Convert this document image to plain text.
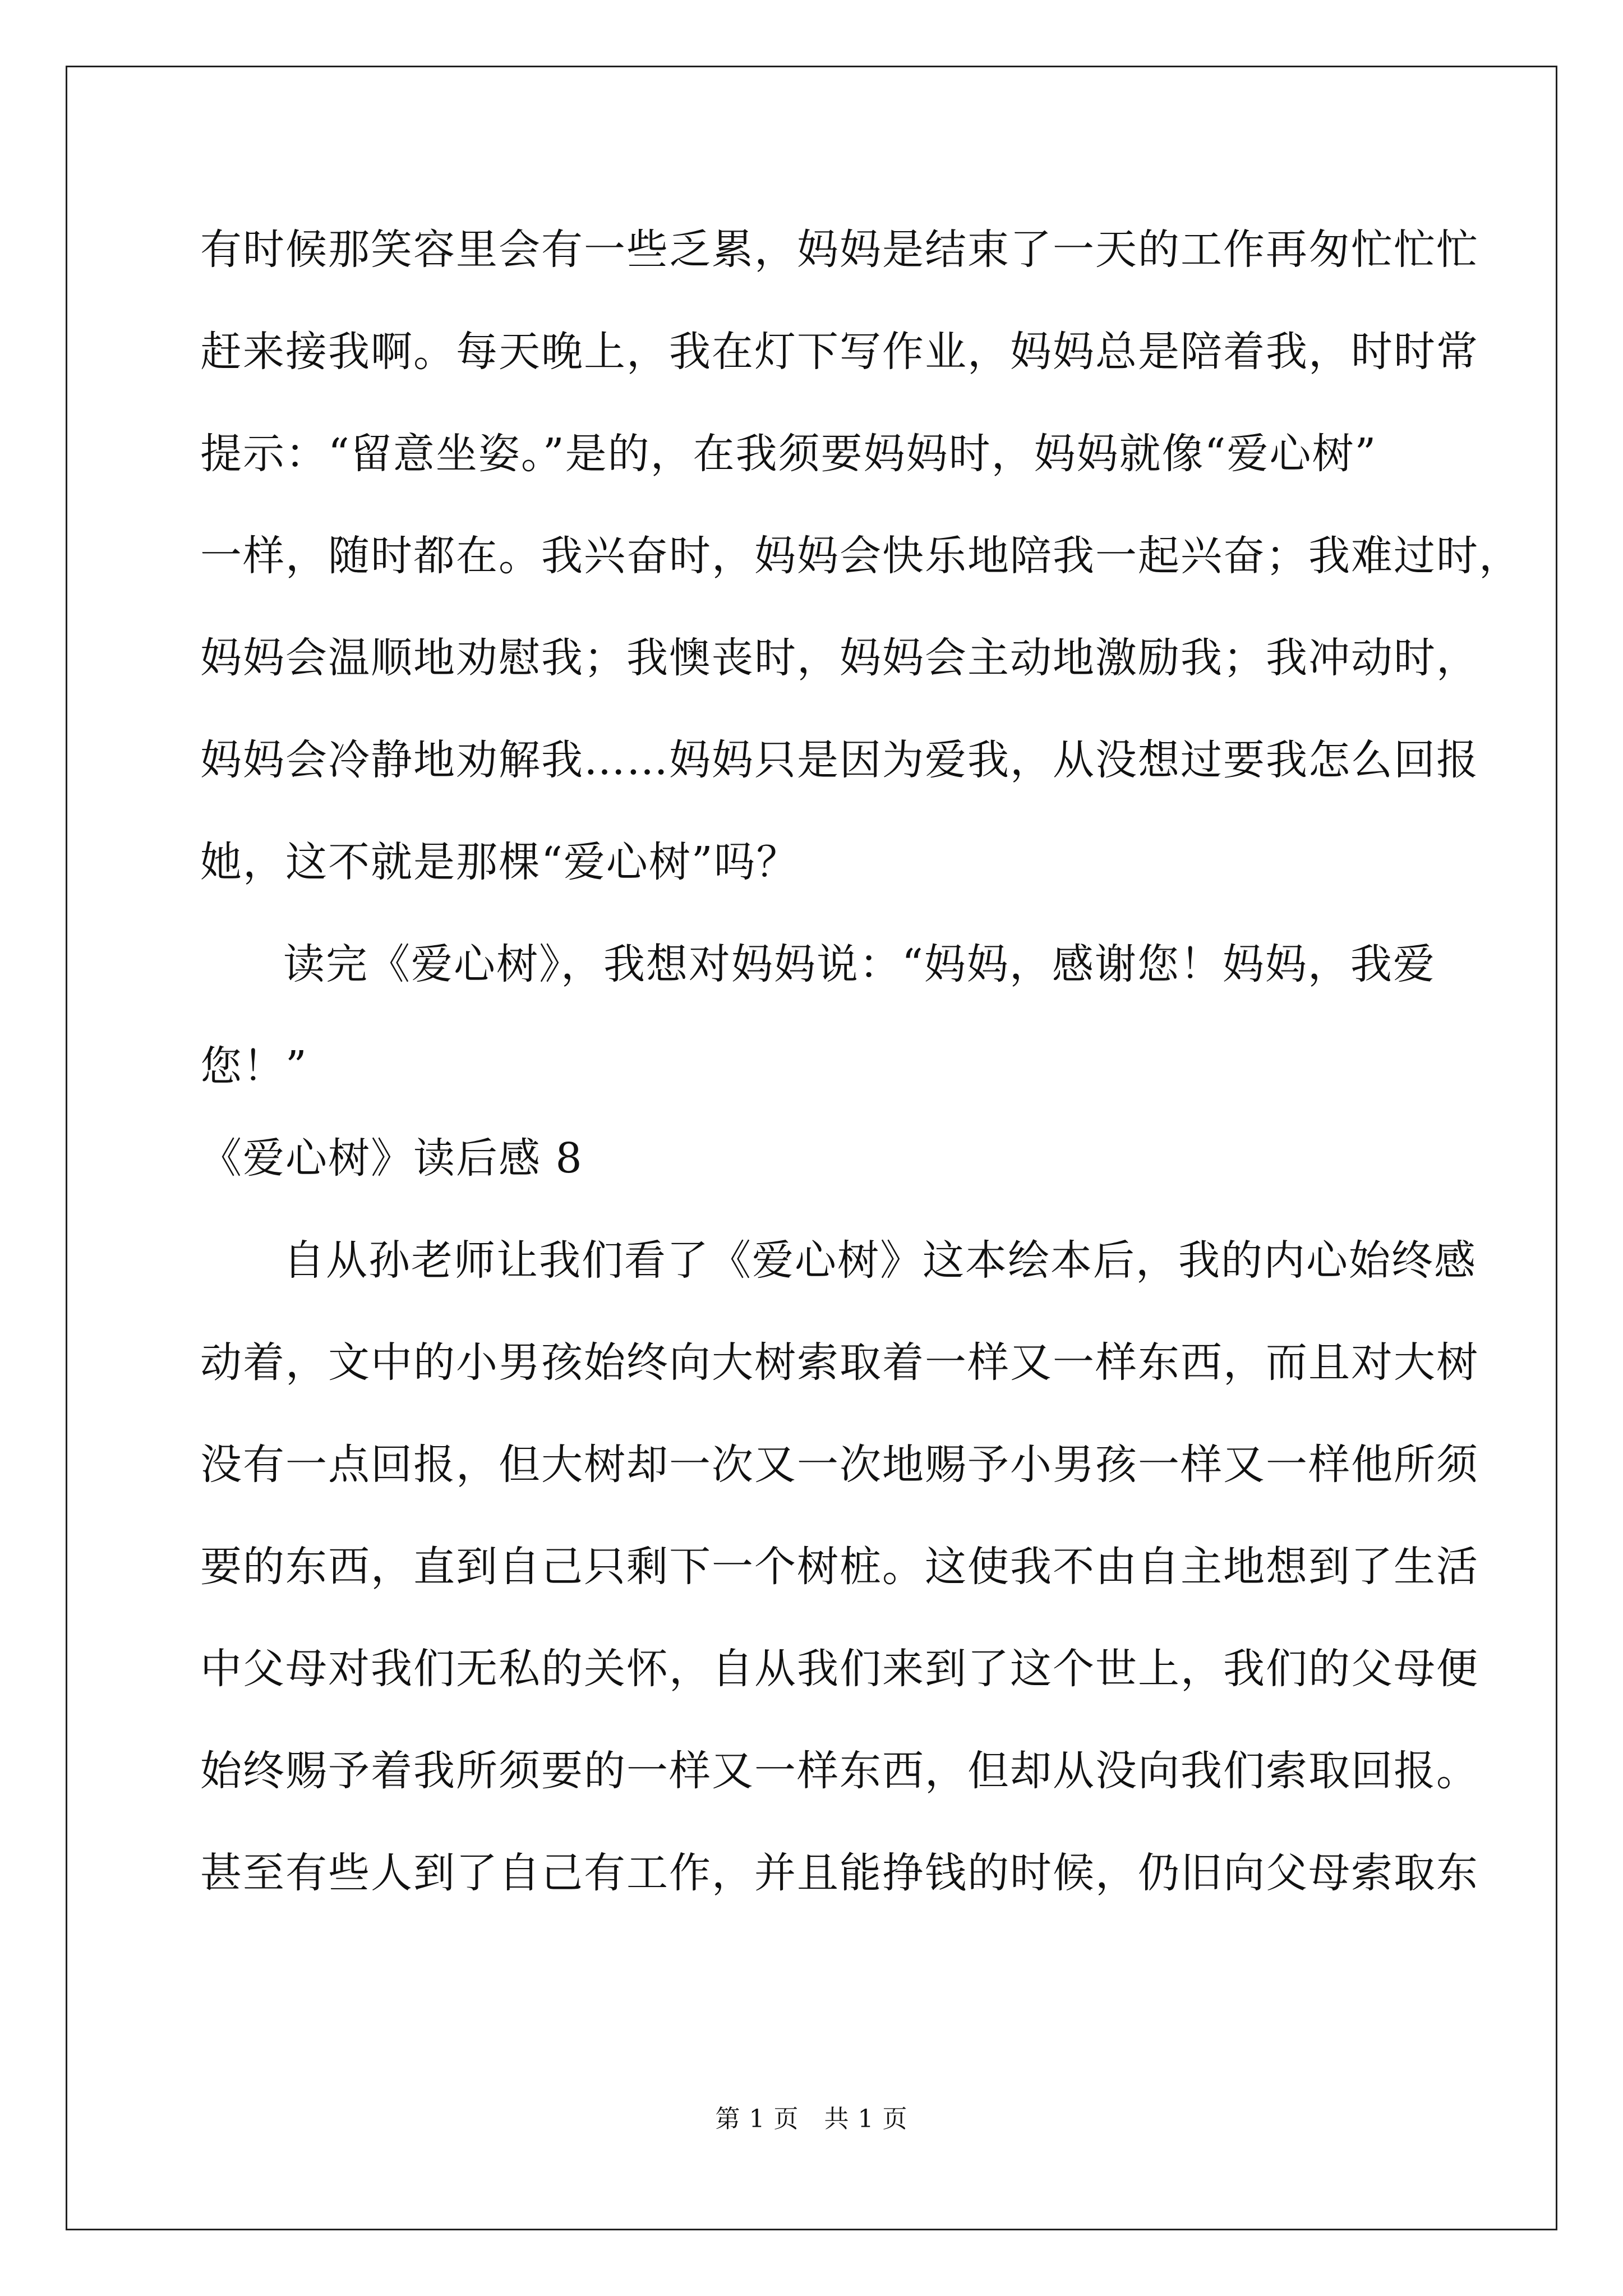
有时候那笑容里会有一些乏累，妈妈是结束了一天的工作再匆忙忙忙
赶来接我啊。每天晚上，我在灯下写作业，妈妈总是陪着我，时时常
提示：“留意坐姿。”是的，在我须要妈妈时，妈妈就像“爱心树”
一样，随时都在。我兴奋时，妈妈会快乐地陪我一起兴奋；我难过时，
妈妈会温顺地劝慰我；我懊丧时，妈妈会主动地激励我；我冲动时，
妈妈会冷静地劝解我……妈妈只是因为爱我，从没想过要我怎么回报
她，这不就是那棵“爱心树”吗？
读完《爱心树》，我想对妈妈说：“妈妈，感谢您！妈妈，我爱
您！”
《爱心树》读后感 8
自从孙老师让我们看了《爱心树》这本绘本后，我的内心始终感
动着，文中的小男孩始终向大树索取着一样又一样东西，而且对大树
没有一点回报，但大树却一次又一次地赐予小男孩一样又一样他所须
要的东西，直到自己只剩下一个树桩。这使我不由自主地想到了生活
中父母对我们无私的关怀，自从我们来到了这个世上，我们的父母便
始终赐予着我所须要的一样又一样东西，但却从没向我们索取回报。
甚至有些人到了自己有工作，并且能挣钱的时候，仍旧向父母索取东
第 1 页　共 1 页
